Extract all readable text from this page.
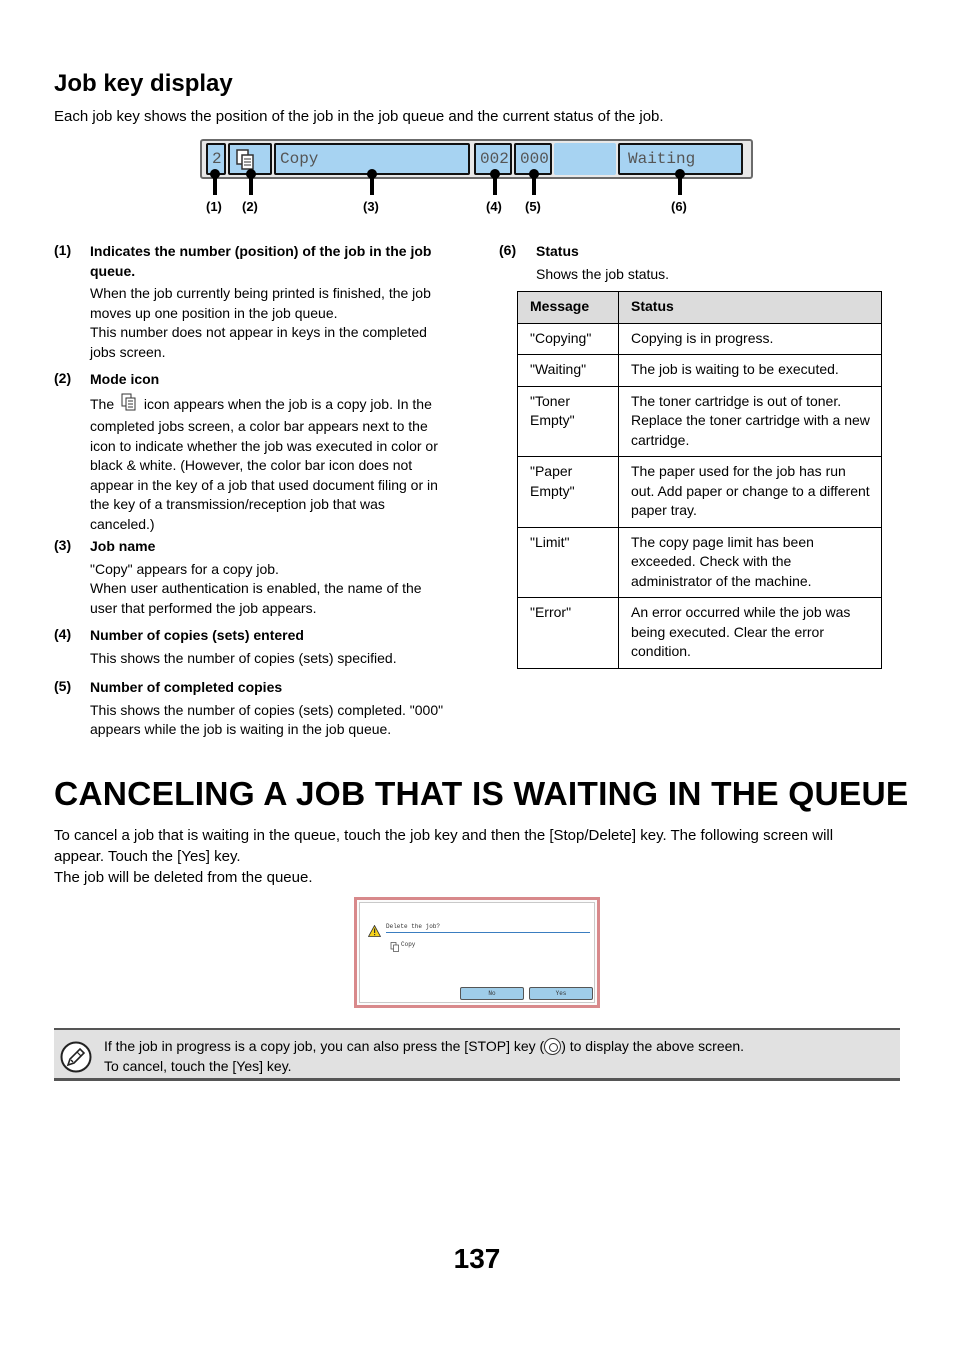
Job key display
Each job key shows the position of the job in the job queue and the current status of the job.
2	Copy	002 000	Waiting
(1) (2)	(3)	(4) (5)	(6)
(1) Indicates the number (position) of the job in the job
queue.
When the job currently being printed is finished, the job
moves up one position in the job queue.
This number does not appear in keys in the completed
jobs screen.
(2) Mode icon
The icon appears when the job is a copy job. In the
completed jobs screen, a color bar appears next to the
icon to indicate whether the job was executed in color or
black & white. (However, the color bar icon does not
appear in the key of a job that used document filing or in
the key of a transmission/reception job that was
canceled.)
(3) Job name
"Copy" appears for a copy job.
When user authentication is enabled, the name of the
user that performed the job appears.
(4) Number of copies (sets) entered
This shows the number of copies (sets) specified.
(5) Number of completed copies
This shows the number of copies (sets) completed. "000"
appears while the job is waiting in the job queue.
(6) Status
Shows the job status.
Message	Status
"Copying"	Copying is in progress.
"Waiting"	The job is waiting to be executed.
"Toner Empty"	The toner cartridge is out of toner. Replace the toner cartridge with a new cartridge.
"Paper Empty"	The paper used for the job has run out. Add paper or change to a different paper tray.
"Limit"	The copy page limit has been exceeded. Check with the administrator of the machine.
"Error"	An error occurred while the job was being executed. Clear the error condition.
CANCELING A JOB THAT IS WAITING IN THE QUEUE
To cancel a job that is waiting in the queue, touch the job key and then the [Stop/Delete] key. The following screen will
appear. Touch the [Yes] key.
The job will be deleted from the queue.
Delete the job?
Copy
No	Yes
If the job in progress is a copy job, you can also press the [STOP] key ( ) to display the above screen.
To cancel, touch the [Yes] key.
137
